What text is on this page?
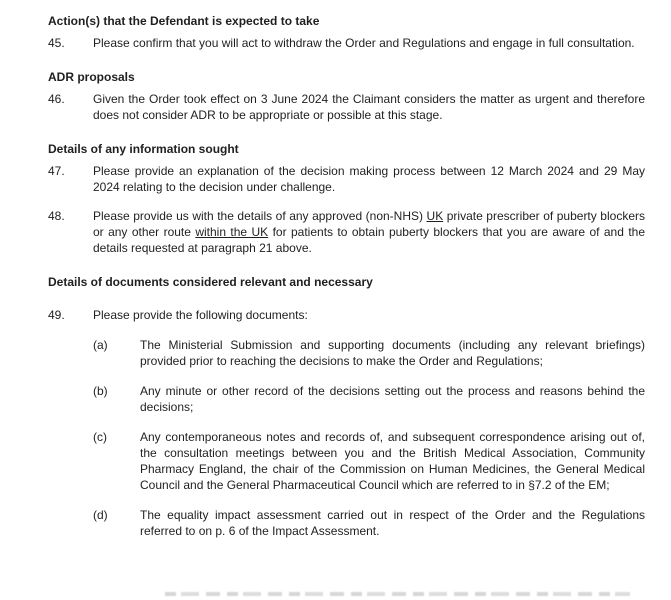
Action(s) that the Defendant is expected to take
45.	Please confirm that you will act to withdraw the Order and Regulations and engage in full consultation.

ADR proposals
46.	Given the Order took effect on 3 June 2024 the Claimant considers the matter as urgent and therefore does not consider ADR to be appropriate or possible at this stage.

Details of any information sought
47.	Please provide an explanation of the decision making process between 12 March 2024 and 29 May 2024 relating to the decision under challenge.

48.	Please provide us with the details of any approved (non-NHS) UK private prescriber of puberty blockers or any other route within the UK for patients to obtain puberty blockers that you are aware of and the details requested at paragraph 21 above.

Details of documents considered relevant and necessary
49.	Please provide the following documents:

(a)	The Ministerial Submission and supporting documents (including any relevant briefings) provided prior to reaching the decisions to make the Order and Regulations;

(b)	Any minute or other record of the decisions setting out the process and reasons behind the decisions;

(c)	Any contemporaneous notes and records of, and subsequent correspondence arising out of, the consultation meetings between you and the British Medical Association, Community Pharmacy England, the chair of the Commission on Human Medicines, the General Medical Council and the General Pharmaceutical Council which are referred to in §7.2 of the EM;

(d)	The equality impact assessment carried out in respect of the Order and the Regulations referred to on p. 6 of the Impact Assessment.
